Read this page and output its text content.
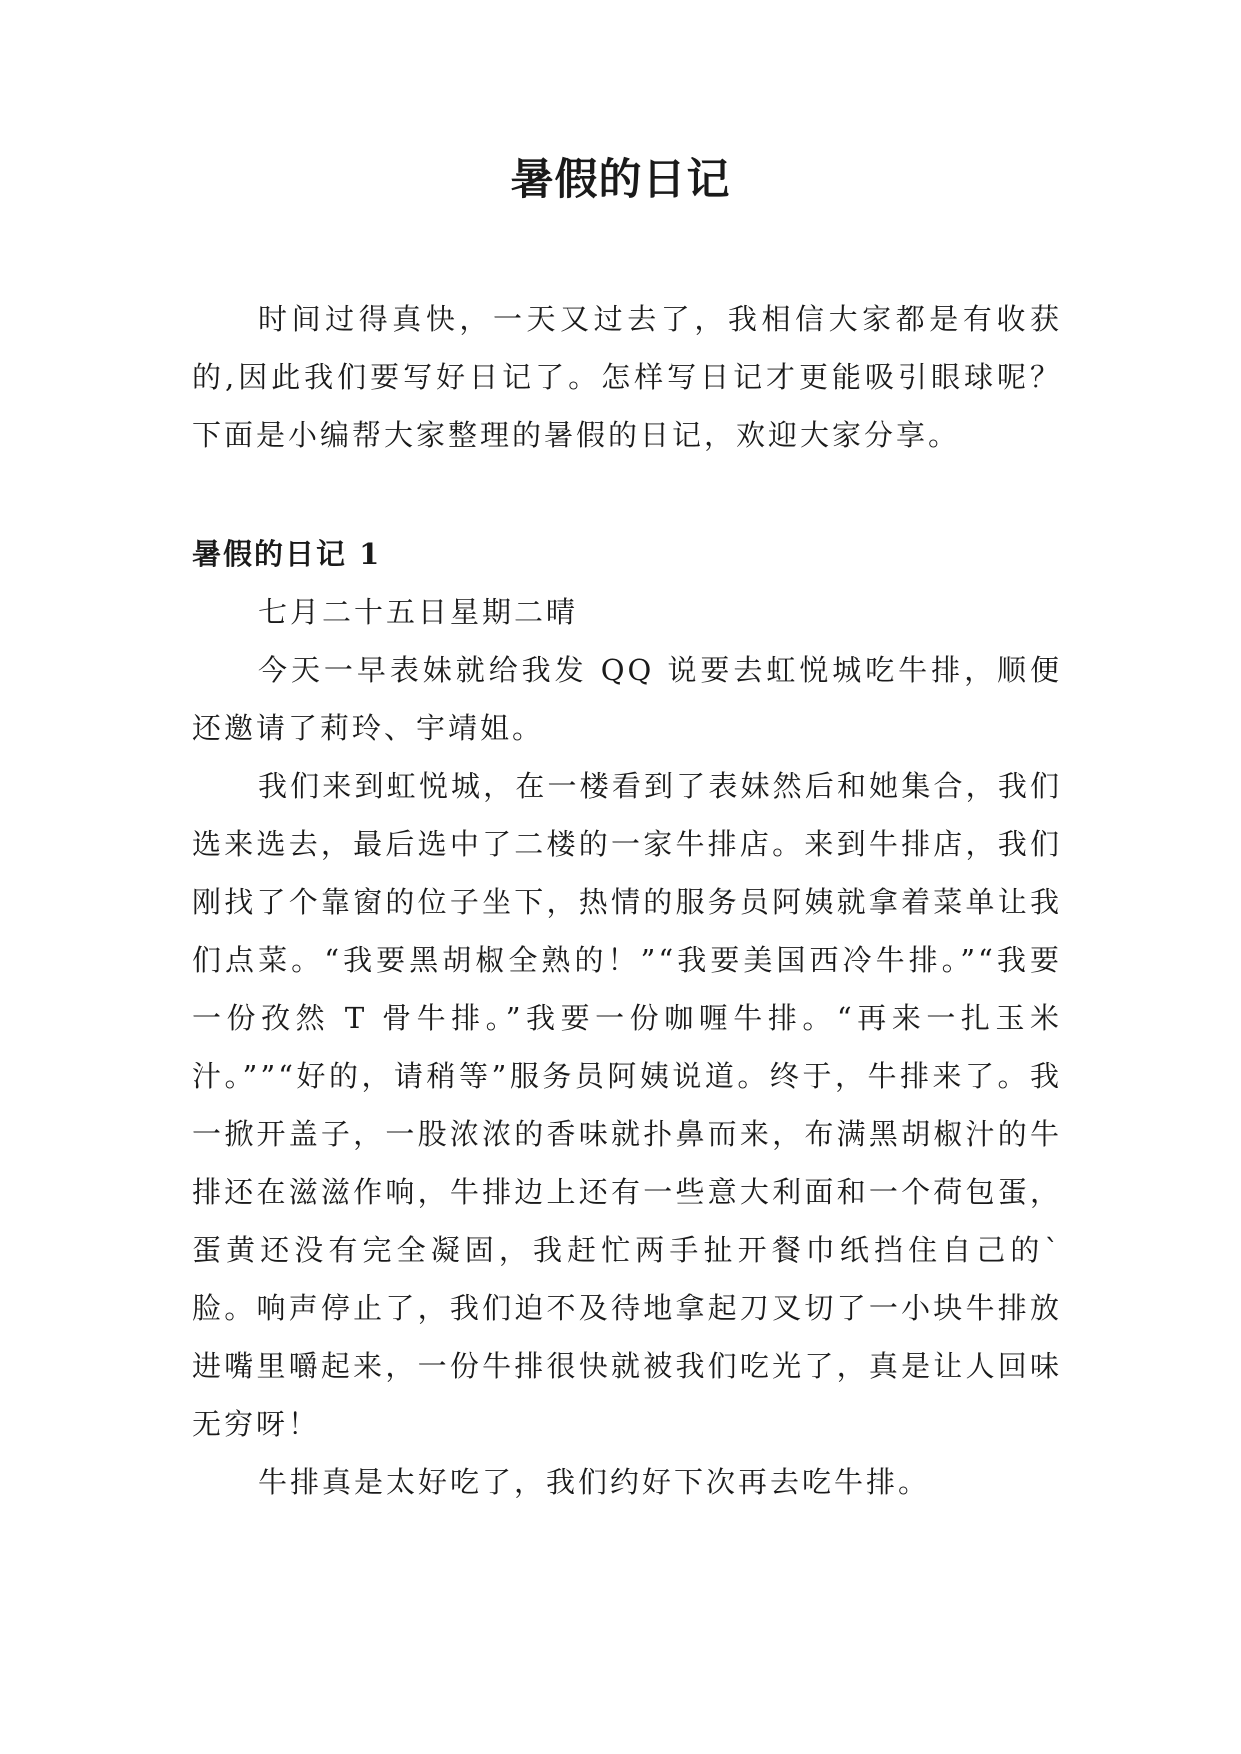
暑假的日记

时间过得真快，一天又过去了，我相信大家都是有收获的,因此我们要写好日记了。怎样写日记才更能吸引眼球呢？下面是小编帮大家整理的暑假的日记，欢迎大家分享。

暑假的日记 1

七月二十五日星期二晴

今天一早表妹就给我发 QQ 说要去虹悦城吃牛排，顺便还邀请了莉玲、宇靖姐。

我们来到虹悦城，在一楼看到了表妹然后和她集合，我们选来选去，最后选中了二楼的一家牛排店。来到牛排店，我们刚找了个靠窗的位子坐下，热情的服务员阿姨就拿着菜单让我们点菜。“我要黑胡椒全熟的！”“我要美国西冷牛排。”“我要一份孜然 T 骨牛排。”我要一份咖喱牛排。“再来一扎玉米汁。””“好的，请稍等”服务员阿姨说道。终于，牛排来了。我一掀开盖子，一股浓浓的香味就扑鼻而来，布满黑胡椒汁的牛排还在滋滋作响，牛排边上还有一些意大利面和一个荷包蛋，蛋黄还没有完全凝固，我赶忙两手扯开餐巾纸挡住自己的`脸。响声停止了，我们迫不及待地拿起刀叉切了一小块牛排放进嘴里嚼起来，一份牛排很快就被我们吃光了，真是让人回味无穷呀！

牛排真是太好吃了，我们约好下次再去吃牛排。
